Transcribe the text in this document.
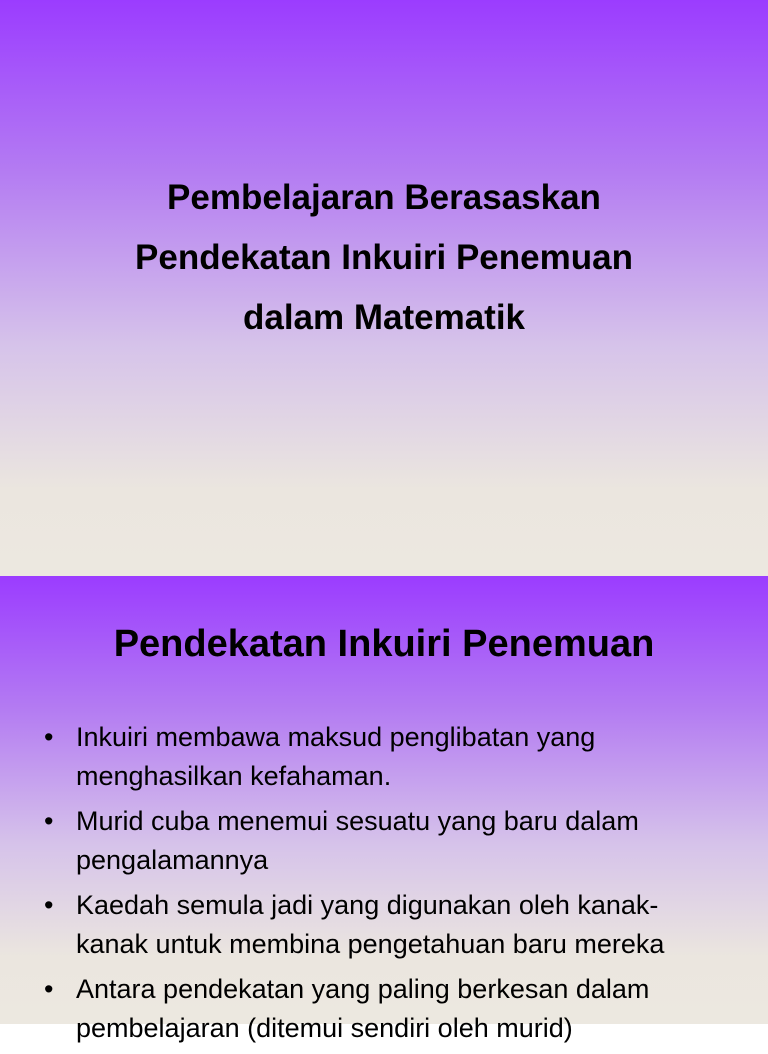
Pembelajaran Berasaskan
Pendekatan Inkuiri Penemuan
dalam Matematik
Pendekatan Inkuiri Penemuan
• Inkuiri membawa maksud penglibatan yang
menghasilkan kefahaman.
• Murid cuba menemui sesuatu yang baru dalam
pengalamannya
• Kaedah semula jadi yang digunakan oleh kanak-
kanak untuk membina pengetahuan baru mereka
• Antara pendekatan yang paling berkesan dalam
pembelajaran (ditemui sendiri oleh murid)
